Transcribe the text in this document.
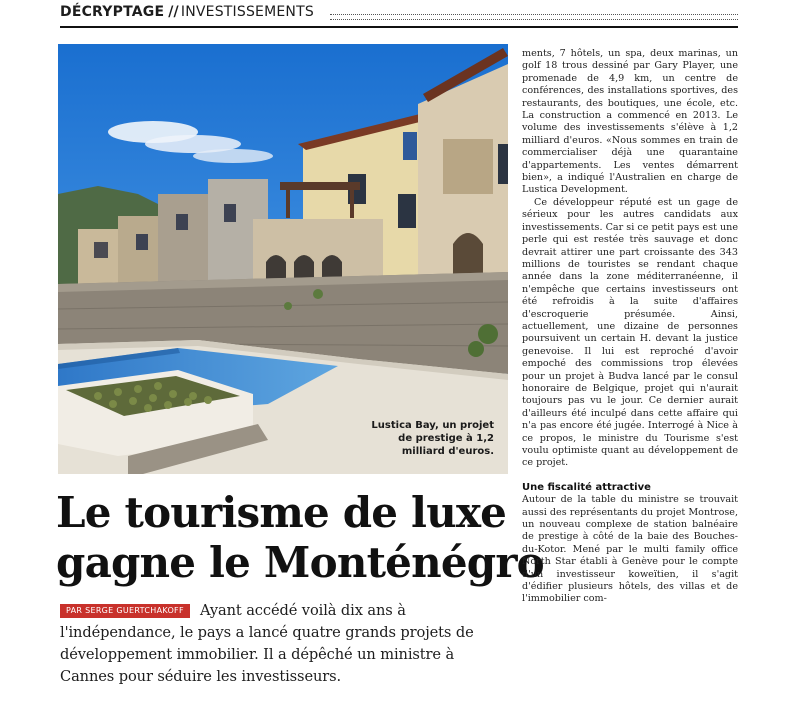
DÉCRYPTAGE // INVESTISSEMENTS
Lustica Bay, un projet de prestige à 1,2 milliard d'euros.
Le tourisme de luxe
gagne le Monténégro
Ayant accédé voilà dix ans à l'indépendance, le pays a lancé quatre grands projets de développement immobilier. Il a dépêché un ministre à Cannes pour séduire les investisseurs.
PAR SERGE GUERTCHAKOFF

ments, 7 hôtels, un spa, deux marinas, un golf 18 trous dessiné par Gary Player, une promenade de 4,9 km, un centre de conférences, des installations sportives, des restaurants, des boutiques, une école, etc. La construction a commencé en 2013. Le volume des investissements s'élève à 1,2 milliard d'euros. «Nous sommes en train de commercialiser déjà une quarantaine d'appartements. Les ventes démarrent bien», a indiqué l'Australien en charge de Lustica Development.

Ce développeur réputé est un gage de sérieux pour les autres candidats aux investissements. Car si ce petit pays est une perle qui est restée très sauvage et donc devrait attirer une part croissante des 343 millions de touristes se rendant chaque année dans la zone méditerranéenne, il n'empêche que certains investisseurs ont été refroidis à la suite d'affaires d'escroquerie présumée. Ainsi, actuellement, une dizaine de personnes poursuivent un certain H. devant la justice genevoise. Il lui est reproché d'avoir empoché des commissions trop élevées pour un projet à Budva lancé par le consul honoraire de Belgique, projet qui n'aurait toujours pas vu le jour. Ce dernier aurait d'ailleurs été inculpé dans cette affaire qui n'a pas encore été jugée. Interrogé à Nice à ce propos, le ministre du Tourisme s'est voulu optimiste quant au développement de ce projet.

Une fiscalité attractive

Autour de la table du ministre se trouvait aussi des représentants du projet Montrose, un nouveau complexe de station balnéaire de prestige à côté de la baie des Bouches-du-Kotor. Mené par le multi family office North Star établi à Genève pour le compte d'un investisseur koweïtien, il s'agit d'édifier plusieurs hôtels, des villas et de l'immobilier com-
